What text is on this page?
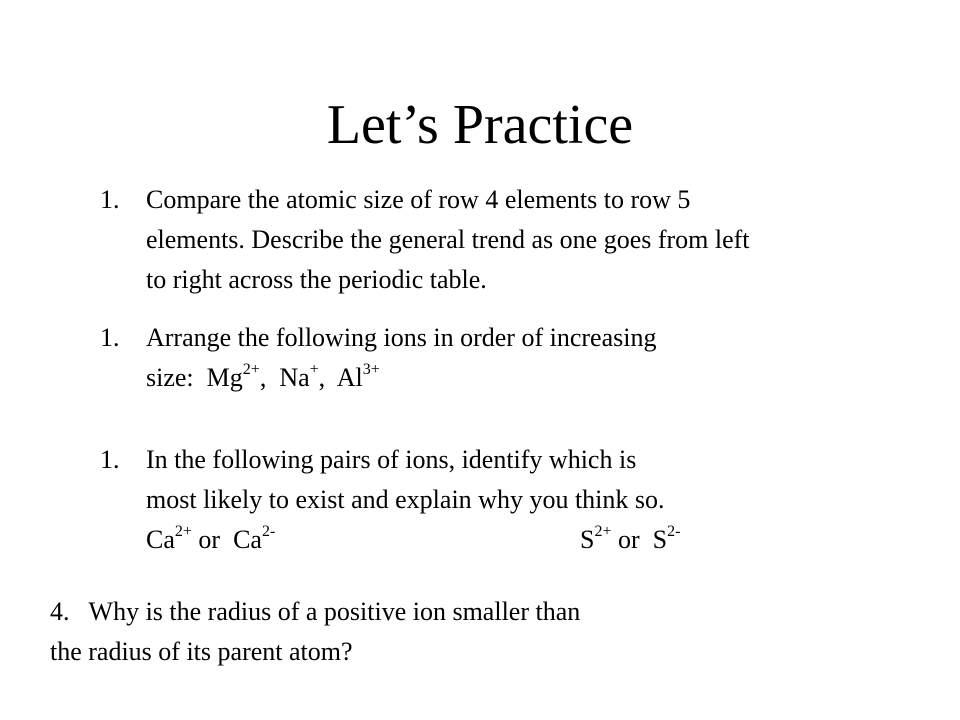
Let’s Practice
1. Compare the atomic size of row 4 elements to row 5
elements. Describe the general trend as one goes from left
to right across the periodic table.
1. Arrange the following ions in order of increasing
size:  $Mg^{2+}$,  Na+,  $Al^{3+}$
1. In the following pairs of ions, identify which is
most likely to exist and explain why you think so.
$Ca^{2+}$ or  $Ca^{2-}$	$S^{2+}$ or  $S^{2-}$
4.   Why is the radius of a positive ion smaller than
the radius of its parent atom?
